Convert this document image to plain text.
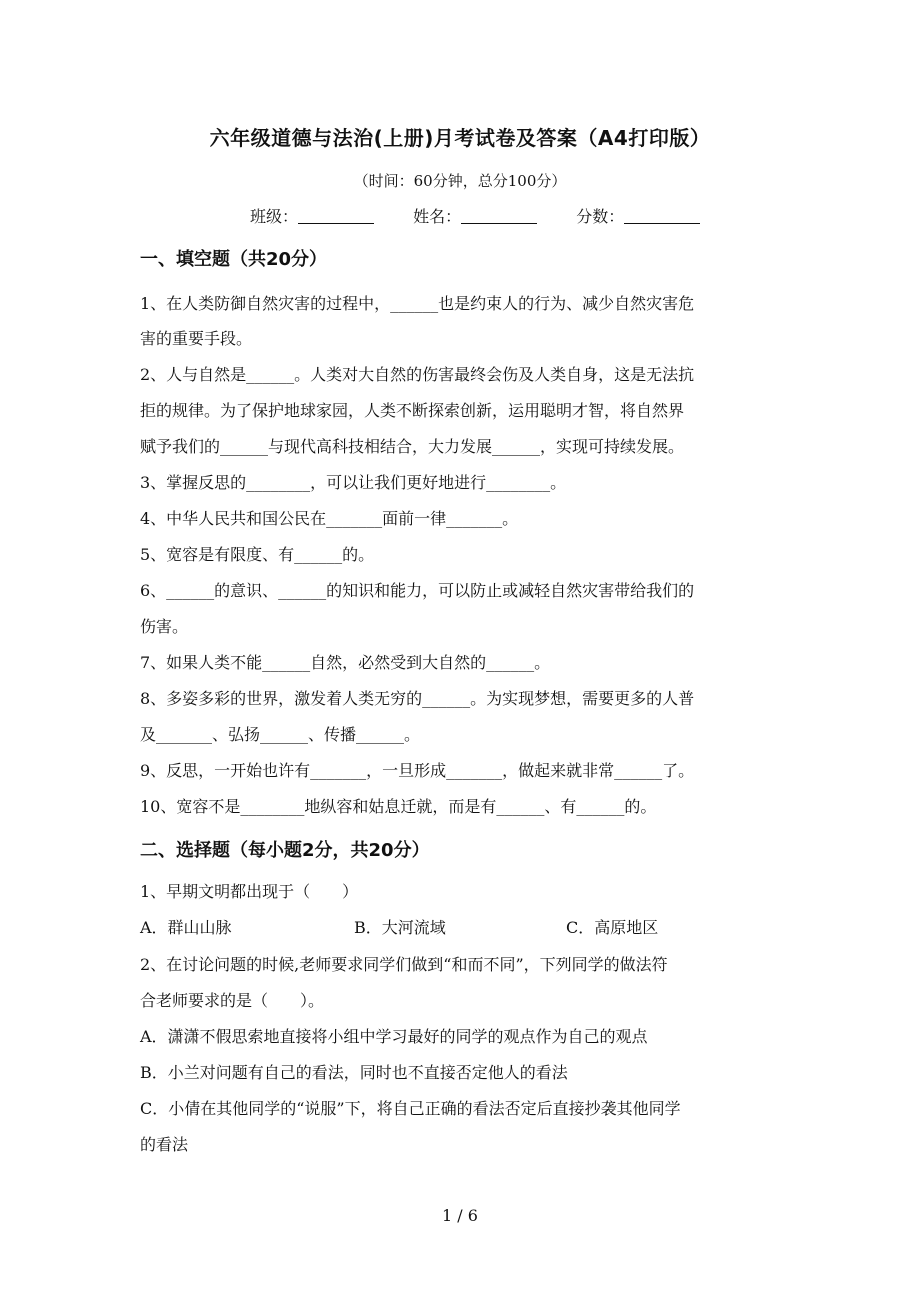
六年级道德与法治(上册)月考试卷及答案（A4打印版）
（时间：60分钟，总分100分）
班级：	姓名：	分数：
一、填空题（共20分）
1、在人类防御自然灾害的过程中，______也是约束人的行为、减少自然灾害危
害的重要手段。
2、人与自然是______。人类对大自然的伤害最终会伤及人类自身，这是无法抗
拒的规律。为了保护地球家园，人类不断探索创新，运用聪明才智，将自然界
赋予我们的______与现代高科技相结合，大力发展______，实现可持续发展。
3、掌握反思的________，可以让我们更好地进行________。
4、中华人民共和国公民在_______面前一律_______。
5、宽容是有限度、有______的。
6、______的意识、______的知识和能力，可以防止或减轻自然灾害带给我们的
伤害。
7、如果人类不能______自然，必然受到大自然的______。
8、多姿多彩的世界，激发着人类无穷的______。为实现梦想，需要更多的人普
及_______、弘扬______、传播______。
9、反思，一开始也许有_______，一旦形成_______，做起来就非常______了。
10、宽容不是________地纵容和姑息迁就，而是有______、有______的。
二、选择题（每小题2分，共20分）
1、早期文明都出现于（　　）
A．群山山脉	B．大河流域	C．高原地区
2、在讨论问题的时候,老师要求同学们做到“和而不同”，下列同学的做法符
合老师要求的是（　　）。
A．潇潇不假思索地直接将小组中学习最好的同学的观点作为自己的观点
B．小兰对问题有自己的看法，同时也不直接否定他人的看法
C．小倩在其他同学的“说服”下，将自己正确的看法否定后直接抄袭其他同学
的看法
1 / 6
